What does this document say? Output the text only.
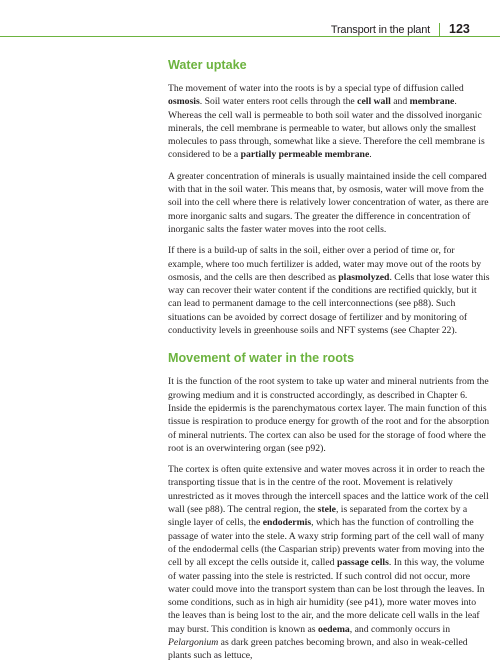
Transport in the plant 123
Water uptake

The movement of water into the roots is by a special type of diffusion called osmosis. Soil water enters root cells through the cell wall and membrane. Whereas the cell wall is permeable to both soil water and the dissolved inorganic minerals, the cell membrane is permeable to water, but allows only the smallest molecules to pass through, somewhat like a sieve. Therefore the cell membrane is considered to be a partially permeable membrane.

A greater concentration of minerals is usually maintained inside the cell compared with that in the soil water. This means that, by osmosis, water will move from the soil into the cell where there is relatively lower concentration of water, as there are more inorganic salts and sugars. The greater the difference in concentration of inorganic salts the faster water moves into the root cells.

If there is a build-up of salts in the soil, either over a period of time or, for example, where too much fertilizer is added, water may move out of the roots by osmosis, and the cells are then described as plasmolyzed. Cells that lose water this way can recover their water content if the conditions are rectified quickly, but it can lead to permanent damage to the cell interconnections (see p88). Such situations can be avoided by correct dosage of fertilizer and by monitoring of conductivity levels in greenhouse soils and NFT systems (see Chapter 22).

Movement of water in the roots

It is the function of the root system to take up water and mineral nutrients from the growing medium and it is constructed accordingly, as described in Chapter 6. Inside the epidermis is the parenchymatous cortex layer. The main function of this tissue is respiration to produce energy for growth of the root and for the absorption of mineral nutrients. The cortex can also be used for the storage of food where the root is an overwintering organ (see p92).

The cortex is often quite extensive and water moves across it in order to reach the transporting tissue that is in the centre of the root. Movement is relatively unrestricted as it moves through the intercell spaces and the lattice work of the cell wall (see p88). The central region, the stele, is separated from the cortex by a single layer of cells, the endodermis, which has the function of controlling the passage of water into the stele. A waxy strip forming part of the cell wall of many of the endodermal cells (the Casparian strip) prevents water from moving into the cell by all except the cells outside it, called passage cells. In this way, the volume of water passing into the stele is restricted. If such control did not occur, more water could move into the transport system than can be lost through the leaves. In some conditions, such as in high air humidity (see p41), more water moves into the leaves than is being lost to the air, and the more delicate cell walls in the leaf may burst. This condition is known as oedema, and commonly occurs in Pelargonium as dark green patches becoming brown, and also in weak-celled plants such as lettuce,
